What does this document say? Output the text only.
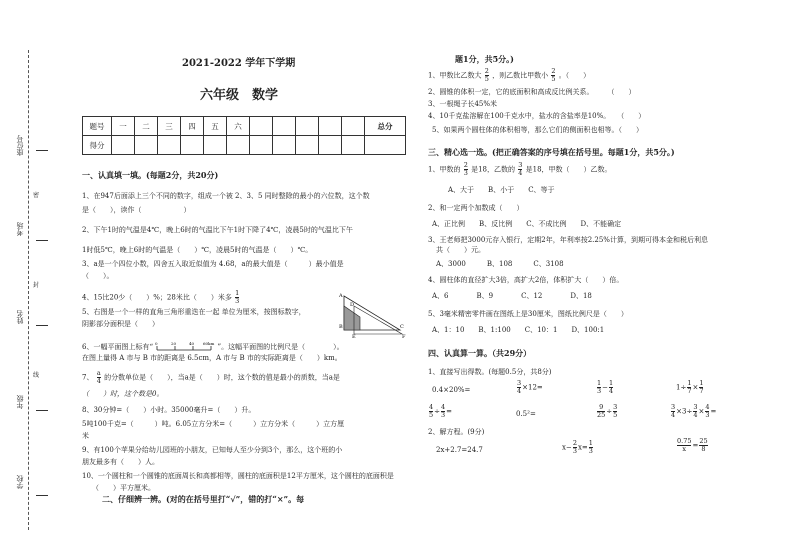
座位号
考场
姓名
年级
学校
密
封
线
2021-2022 学年下学期
六年级　数学
题号	一	二	三	四	五	六						总分
得分												
一、认真填一填。(每题2分，共20分)
1、在947后面添上三个不同的数字，组成一个被 2、3、5 同时整除的最小的六位数，这个数
是（　　），读作（　　　　　　）
2、下午1时的气温是4℃，晚上6时的气温比下午1时下降了4℃，凌晨5时的气温比下午
1时低5℃，晚上6时的气温是（　　）℃，凌晨5时的气温是（　　）℃。
3、a是一个四位小数，四舍五入取近似值为 4.68，a的最大值是（　　　）最小值是
（　　）。
4、15比20少（　　）%；28米比（　　）米多 $\frac{1}{3}$
5、右图是一个一样的直角三角形重迭在一起 单位为厘米，按图标数字，
阴影部分面积是（　　）
A
B	C
D
E	F
6、一幅平面图上标有“ 0	20	40 60km ”。这幅平面图的比例尺是（　　　　）。
在图上量得 A 市与 B 市的距离是 6.5cm，A 市与 B 市的实际距离是（　　）km。
7、 $\frac{a}{4}$ 的分数单位是（　　），当a是（　　）时，这个数的值是最小的质数，当a是
（　　）时，这个数是0。
8、30分钟=（　　）小时。35000毫升=（　　）升。
5吨100千克=（　　　）吨。6.05立方分米=（　　　）立方分米（　　　）立方厘
米
9、有100个苹果分给幼儿园班的小朋友，已知每人至少分到3个，那么，这个班的小
朋友最多有（　　）人。
10、一个圆柱和一个圆锥的底面周长和高都相等，圆柱的底面积是12平方厘米，这个圆柱的底面积是
（　　）平方厘米。
二、仔细辨一辨。(对的在括号里打“√”，错的打“×”。每
题1分，共5分。)
1、甲数比乙数大 $\frac{2}{5}$ ，则乙数比甲数小 $\frac{2}{5}$ 。（　　）
2、圆锥的体积一定，它的底面积和高成反比例关系。　　　（　　）
3、一根绳子长45%米
4、10千克盐溶解在100千克水中，盐水的含盐率是10%。　　（　　）
5、如果两个圆柱体的体积相等，那么它们的侧面积也相等。（　　）
三、精心选一选。(把正确答案的序号填在括号里。每题1分，共5分。)
1、甲数的 $\frac{2}{3}$ 是18，乙数的 $\frac{3}{4}$ 是18，甲数（　　）乙数。
A、大于　　B、小于　　C、等于
2、和一定两个加数成（　　）
A、正比例　　B、反比例　　C、不成比例　　D、不能确定
3、王老师把3000元存入银行，定期2年，年利率按2.25%计算，到期可得本金和税后利息
共（　　）元。
A、3000　　　B、108　　　C、3108
4、圆柱体的直径扩大3倍，高扩大2倍，体积扩大（　　）倍。
A、6　　　　B、9　　　　C、12　　　　D、18
5、3毫米精密零件画在图纸上是30厘米，图纸比例尺是（　　）
A、1：10　　B、1:100　　C、10：1　　D、100:1
四、认真算一算。（共29分）
1、直接写出得数。(每题0.5分，共8分)
0.4×20%=	$\frac{3}{4} \times 12=$	$\frac{1}{3} - \frac{1}{4}$	$1\div \frac{1}{7} \times \frac{1}{7}$
$\frac{4}{5} \div \frac{4}{3}$ =	0.5²=	$\frac{9}{25} \div \frac{3}{5}$	$\frac{3}{4} \times 3\div \frac{3}{4} \times \frac{4}{3}$ =
2、解方程。(9分)
2x+2.7=24.7	$x- \frac{2}{3} x= \frac{1}{3}$	$\frac{0.75}{x} = \frac{25}{8}$
